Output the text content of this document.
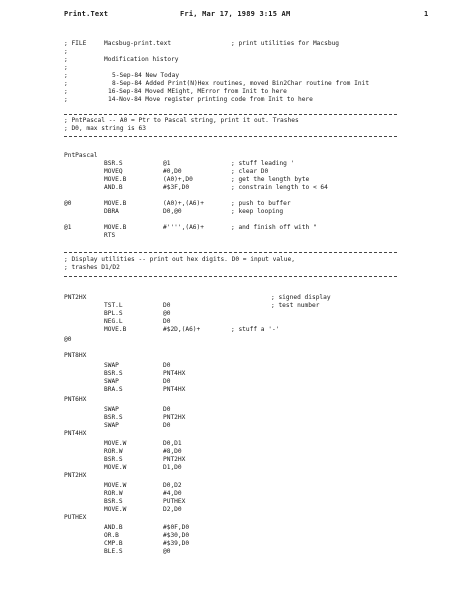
Print.Text	Fri, Mar 17, 1989 3:15 AM	1

; FILE

	Macsbug-print.text

	; print utilities for Macsbug

;

;

	Modification history

;

;

	5-Sep-84 New Today

;

	8-Sep-84 Added Print(N)Hex routines, moved Bin2Char routine from Init

;

	16-Sep-84 Moved MEight, MError from Init to here

;

	14-Nov-84 Move register printing code from Init to here

; PntPascal -- A0 = Ptr to Pascal string, print it out. Trashes
; D0, max string is 63

PntPascal

BSR.S	@1	; stuff leading '
MOVEQ	#0,D0	; clear D0
MOVE.B	(A0)+,D0	; get the length byte
AND.B	#$3F,D0	; constrain length to < 64
@0	MOVE.B	(A0)+,(A6)+	; push to buffer
DBRA	D0,@0	; keep looping
@1	MOVE.B	#'''',(A6)+	; and finish off with "
RTS
; Display utilities -- print out hex digits. D0 = input value,
; trashes D1/D2
PNT2HX	; signed display
TST.L	D0	; test number
BPL.S	@0
NEG.L	D0
MOVE.B	#$2D,(A6)+	; stuff a '-'
@0
PNT8HX
SWAP	D0
BSR.S	PNT4HX
SWAP	D0
BRA.S	PNT4HX
PNT6HX
SWAP	D0
BSR.S	PNT2HX
SWAP	D0
PNT4HX
MOVE.W	D0,D1
ROR.W	#8,D0
BSR.S	PNT2HX
MOVE.W	D1,D0
PNT2HX
MOVE.W	D0,D2
ROR.W	#4,D0
BSR.S	PUTHEX
MOVE.W	D2,D0
PUTHEX
AND.B	#$0F,D0
OR.B	#$30,D0
CMP.B	#$39,D0
BLE.S	@0
